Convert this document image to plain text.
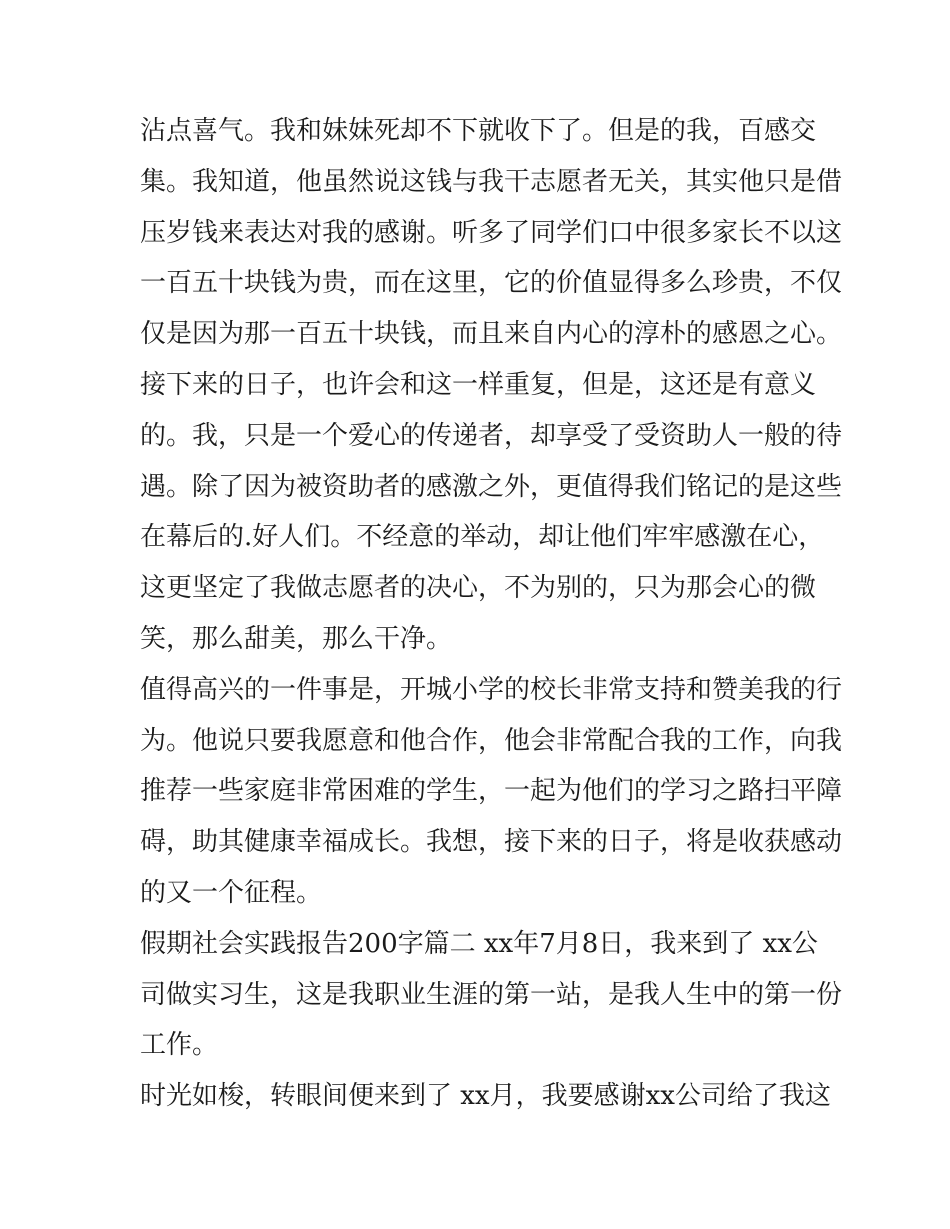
沾点喜气。我和妹妹死却不下就收下了。但是的我，百感交
集。我知道，他虽然说这钱与我干志愿者无关，其实他只是借
压岁钱来表达对我的感谢。听多了同学们口中很多家长不以这
一百五十块钱为贵，而在这里，它的价值显得多么珍贵，不仅
仅是因为那一百五十块钱，而且来自内心的淳朴的感恩之心。
接下来的日子，也许会和这一样重复，但是，这还是有意义
的。我，只是一个爱心的传递者，却享受了受资助人一般的待
遇。除了因为被资助者的感激之外，更值得我们铭记的是这些
在幕后的.好人们。不经意的举动，却让他们牢牢感激在心，
这更坚定了我做志愿者的决心，不为别的，只为那会心的微
笑，那么甜美，那么干净。
值得高兴的一件事是，开城小学的校长非常支持和赞美我的行
为。他说只要我愿意和他合作，他会非常配合我的工作，向我
推荐一些家庭非常困难的学生，一起为他们的学习之路扫平障
碍，助其健康幸福成长。我想，接下来的日子，将是收获感动
的又一个征程。
假期社会实践报告200字篇二 xx年7月8日，我来到了 xx公
司做实习生，这是我职业生涯的第一站，是我人生中的第一份
工作。
时光如梭，转眼间便来到了 xx月，我要感谢xx公司给了我这
